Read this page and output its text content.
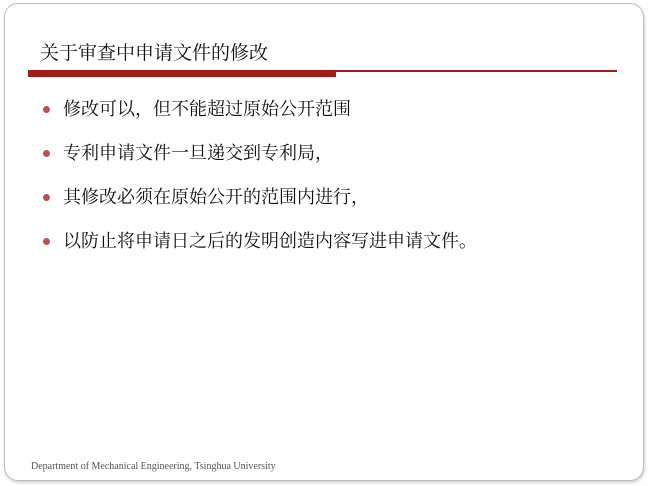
关于审查中申请文件的修改
修改可以，但不能超过原始公开范围
专利申请文件一旦递交到专利局，
其修改必须在原始公开的范围内进行，
以防止将申请日之后的发明创造内容写进申请文件。
Department of Mechanical Engineering, Tsinghua University
